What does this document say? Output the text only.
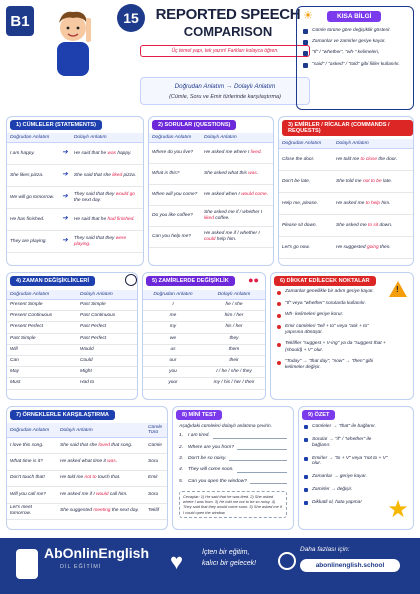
B1	15	REPORTED SPEECH
COMPARISON
Üç temel yapı, tek yazın! Farkları kolayca öğren.
Doğrudan Anlatım → Dolaylı Anlatım
(Cümle, Soru ve Emir türlerinde karşılaştırma)
☀	KISA BİLGİ
Cümle türüne göre değişiklik gösterir.
Zamanlar ve zamirler geriye kayar.
"If" / "whether", "wh-" kelimeleri,
"said" / "asked" / "told" gibi fiiller kullanılır.
1) CÜMLELER (STATEMENTS)
Doğrudan Anlatım		Dolaylı Anlatım
I am happy.	➔	He said that he was happy.
She likes pizza.	➔	She said that she liked pizza.
We will go tomorrow.	➔	They said that they would go the next day.
He has finished.	➔	He said that he had finished.
They are playing.	➔	They said that they were playing.
2) SORULAR (QUESTIONS)
Doğrudan Anlatım	Dolaylı Anlatım
Where do you live?	He asked me where I lived.
What is this?	She asked what this was.
When will you come?	He asked when I would come.
Do you like coffee?	She asked me if / whether I liked coffee.
Can you help me?	He asked me if / whether I could help him.
3) EMİRLER / RİCALAR (COMMANDS / REQUESTS)
Doğrudan Anlatım	Dolaylı Anlatım
Close the door.	He told me to close the door.
Don't be late.	She told me not to be late.
Help me, please.	He asked me to help him.
Please sit down.	She asked me to sit down.
Let's go now.	He suggested going then.
4) ZAMAN DEĞİŞİKLİKLERİ
Doğrudan Anlatım	Dolaylı Anlatım
Present Simple	Past Simple
Present Continuous	Past Continuous
Present Perfect	Past Perfect
Past Simple	Past Perfect
Will	Would
Can	Could
May	Might
Must	Had to
5) ZAMİRLERDE DEĞİŞİKLİK ●●
Doğrudan Anlatım	Dolaylı Anlatım
I	he / she
me	him / her
my	his / her
we	they
us	them
our	their
you	I / he / she / they
your	my / his / her / their
6) DİKKAT EDİLECEK NOKTALAR
!
Zamanlar genellikle bir adım geriye kayar.
"If" veya "whether" sorularda kullanılır.
Wh- kelimeleri geriye korur.
Emir cümleleri "tell + to" veya "ask + to" yapısına dönüşür.
Teklifler "suggest + V-ing" ya da "suggest that + (should) + V" olur.
"Today" → "that day", "now" → "then" gibi kelimeler değişir.
7) ÖRNEKLERLE KARŞILAŞTIRMA
Doğrudan Anlatım	Dolaylı Anlatım	Cümle Türü
I love this song.	She said that she loved that song.	Cümle
What time is it?	He asked what time it was.	Soru
Don't touch that!	He told me not to touch that.	Emir
Will you call me?	He asked me if I would call him.	Soru
Let's meet tomorrow.	She suggested meeting the next day.	Teklif
8) MİNİ TEST
Aşağıdaki cümleleri dolaylı anlatıma çevirin.
1.	I am tired.
2.	Where are you from?
3.	Don't be so noisy.
4.	They will come soon.
5.	Can you open the window?
Cevaplar: 1) He said that he was tired. 2) She asked where I was from. 3) He told me not to be so noisy. 4) They said that they would come soon. 5) She asked me if I could open the window.
9) ÖZET
Cümleler → "that" ile bağlanır.
Sorular → "if" / "whether" ile bağlanır.
Emirler → "to + V" veya "not to + V" olur.
Zamanlar → geriye kayar.
Zamirler → değişir.
Dikkatli ol, hata yapma!	★
AbOnlinEnglish
DİL EĞİTİMİ	♥	İçten bir eğitim,
kalıcı bir gelecek!
Daha fazlası için:
abonlinenglish.school
